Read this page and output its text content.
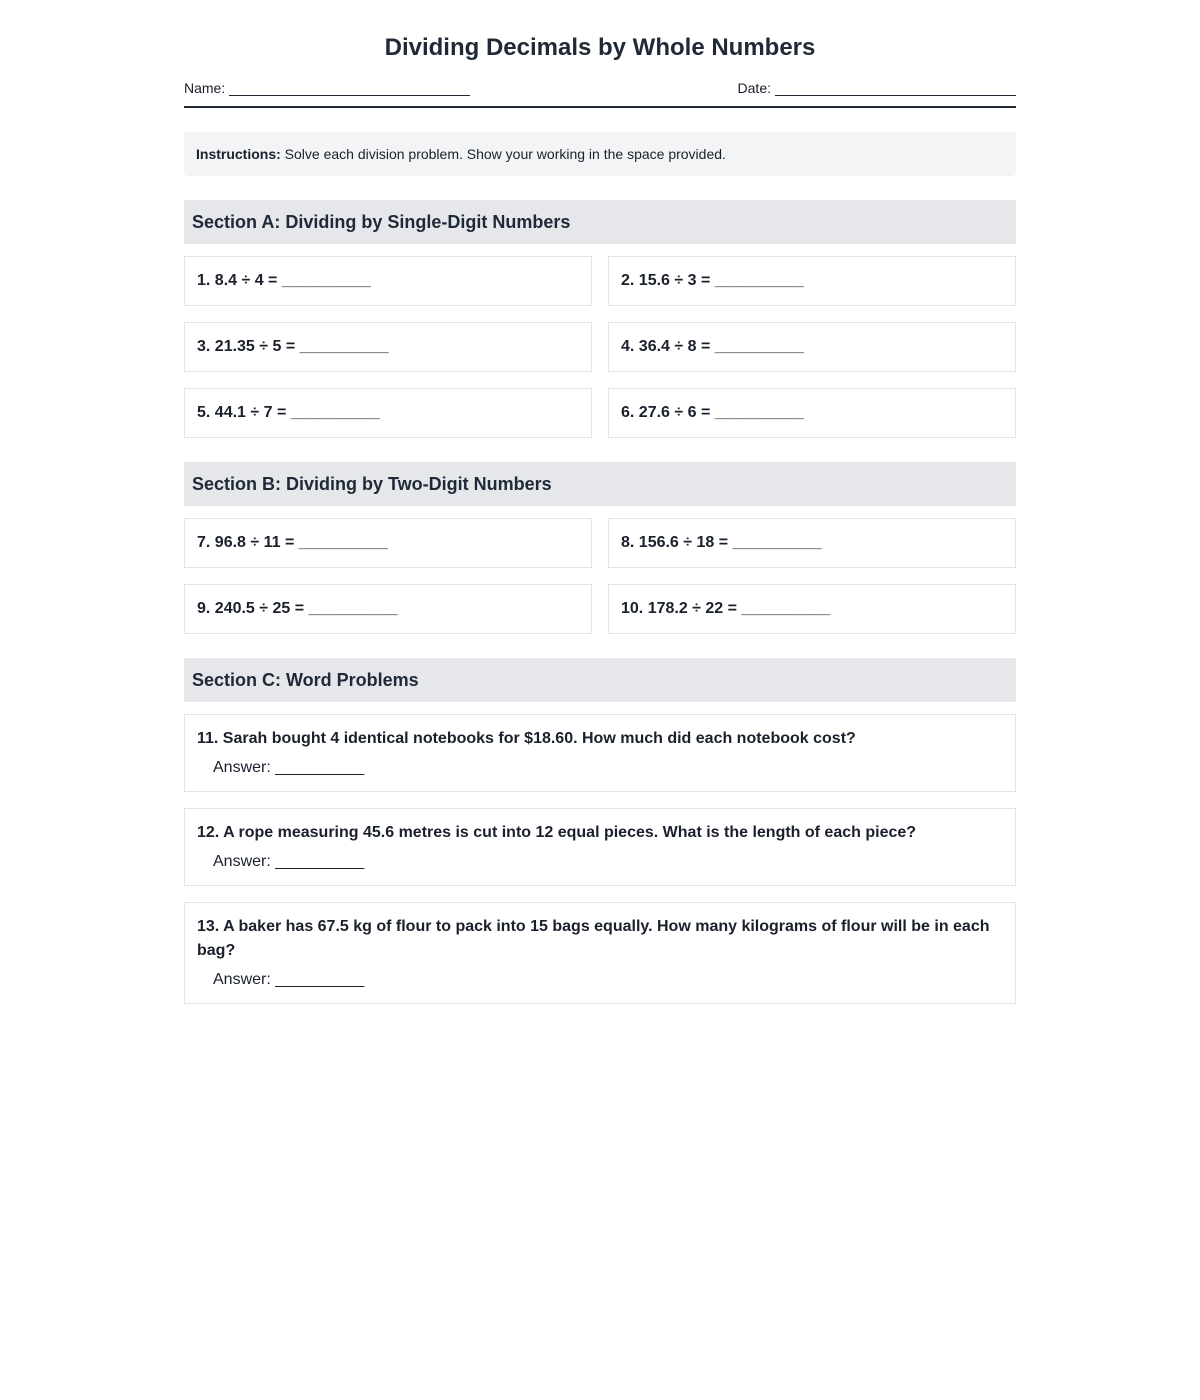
Dividing Decimals by Whole Numbers
Name:	Date:
Instructions: Solve each division problem. Show your working in the space provided.
Section A: Dividing by Single-Digit Numbers
1. 8.4 ÷ 4 = __________	2. 15.6 ÷ 3 = __________
3. 21.35 ÷ 5 = __________	4. 36.4 ÷ 8 = __________
5. 44.1 ÷ 7 = __________	6. 27.6 ÷ 6 = __________
Section B: Dividing by Two-Digit Numbers
7. 96.8 ÷ 11 = __________	8. 156.6 ÷ 18 = __________
9. 240.5 ÷ 25 = __________	10. 178.2 ÷ 22 = __________
Section C: Word Problems
11. Sarah bought 4 identical notebooks for $18.60. How much did each notebook cost?
Answer: __________
12. A rope measuring 45.6 metres is cut into 12 equal pieces. What is the length of each piece?
Answer: __________
13. A baker has 67.5 kg of flour to pack into 15 bags equally. How many kilograms of flour will be in each bag?
Answer: __________
